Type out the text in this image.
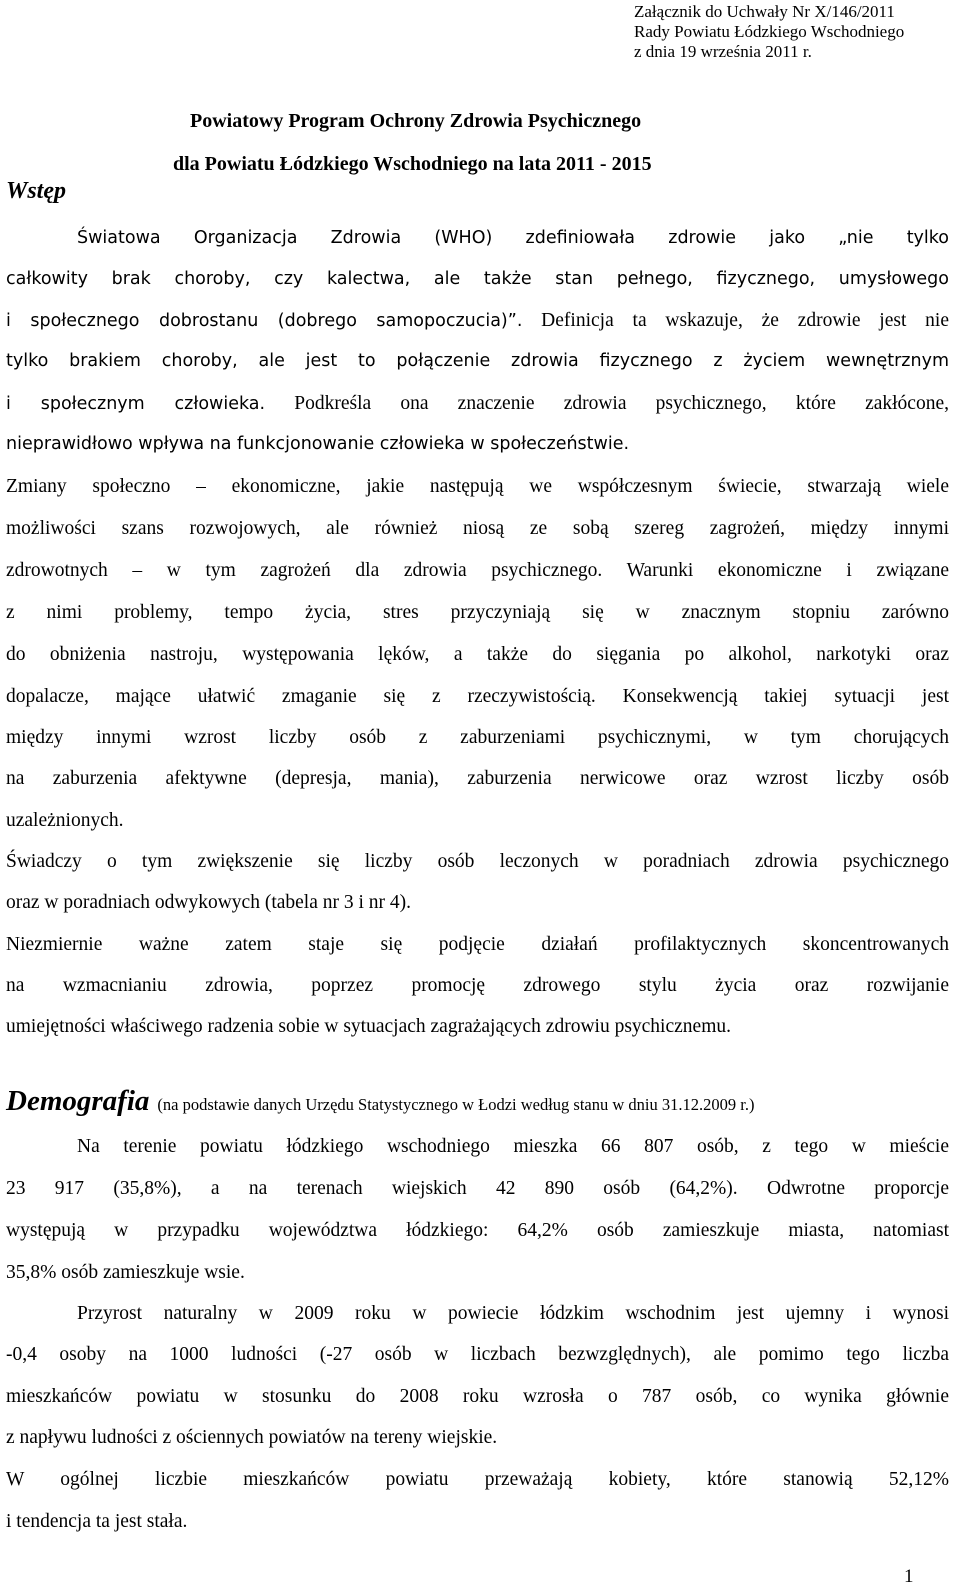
Załącznik do Uchwały Nr X/146/2011
Rady Powiatu Łódzkiego Wschodniego
z dnia 19 września 2011 r.
Powiatowy Program Ochrony Zdrowia Psychicznego
dla Powiatu Łódzkiego Wschodniego na lata 2011 - 2015
Wstęp
Światowa Organizacja Zdrowia (WHO) zdefiniowała zdrowie jako „nie tylko
całkowity brak choroby, czy kalectwa, ale także stan pełnego, fizycznego, umysłowego
i społecznego dobrostanu (dobrego samopoczucia)”. Definicja ta wskazuje, że zdrowie jest nie
tylko brakiem choroby, ale jest to połączenie zdrowia fizycznego z życiem wewnętrznym
i społecznym człowieka. Podkreśla ona znaczenie zdrowia psychicznego, które zakłócone,
nieprawidłowo wpływa na funkcjonowanie człowieka w społeczeństwie.
Zmiany społeczno – ekonomiczne, jakie następują we współczesnym świecie, stwarzają wiele
możliwości szans rozwojowych, ale również niosą ze sobą szereg zagrożeń, między innymi
zdrowotnych – w tym zagrożeń dla zdrowia psychicznego. Warunki ekonomiczne i związane
z nimi problemy, tempo życia, stres przyczyniają się w znacznym stopniu zarówno
do obniżenia nastroju, występowania lęków, a także do sięgania po alkohol, narkotyki oraz
dopalacze, mające ułatwić zmaganie się z rzeczywistością. Konsekwencją takiej sytuacji jest
między innymi wzrost liczby osób z zaburzeniami psychicznymi, w tym chorujących
na zaburzenia afektywne (depresja, mania), zaburzenia nerwicowe oraz wzrost liczby osób
uzależnionych.
Świadczy o tym zwiększenie się liczby osób leczonych w poradniach zdrowia psychicznego
oraz w poradniach odwykowych (tabela nr 3 i nr 4).
Niezmiernie ważne zatem staje się podjęcie działań profilaktycznych skoncentrowanych
na wzmacnianiu zdrowia, poprzez promocję zdrowego stylu życia oraz rozwijanie
umiejętności właściwego radzenia sobie w sytuacjach zagrażających zdrowiu psychicznemu.
Demografia (na podstawie danych Urzędu Statystycznego w Łodzi według stanu w dniu 31.12.2009 r.)
Na terenie powiatu łódzkiego wschodniego mieszka 66 807 osób, z tego w mieście
23 917 (35,8%), a na terenach wiejskich 42 890 osób (64,2%). Odwrotne proporcje
występują w przypadku województwa łódzkiego: 64,2% osób zamieszkuje miasta, natomiast
35,8% osób zamieszkuje wsie.
Przyrost naturalny w 2009 roku w powiecie łódzkim wschodnim jest ujemny i wynosi
-0,4 osoby na 1000 ludności (-27 osób w liczbach bezwzględnych), ale pomimo tego liczba
mieszkańców powiatu w stosunku do 2008 roku wzrosła o 787 osób, co wynika głównie
z napływu ludności z ościennych powiatów na tereny wiejskie.
W ogólnej liczbie mieszkańców powiatu przeważają kobiety, które stanowią 52,12%
i tendencja ta jest stała.
1
